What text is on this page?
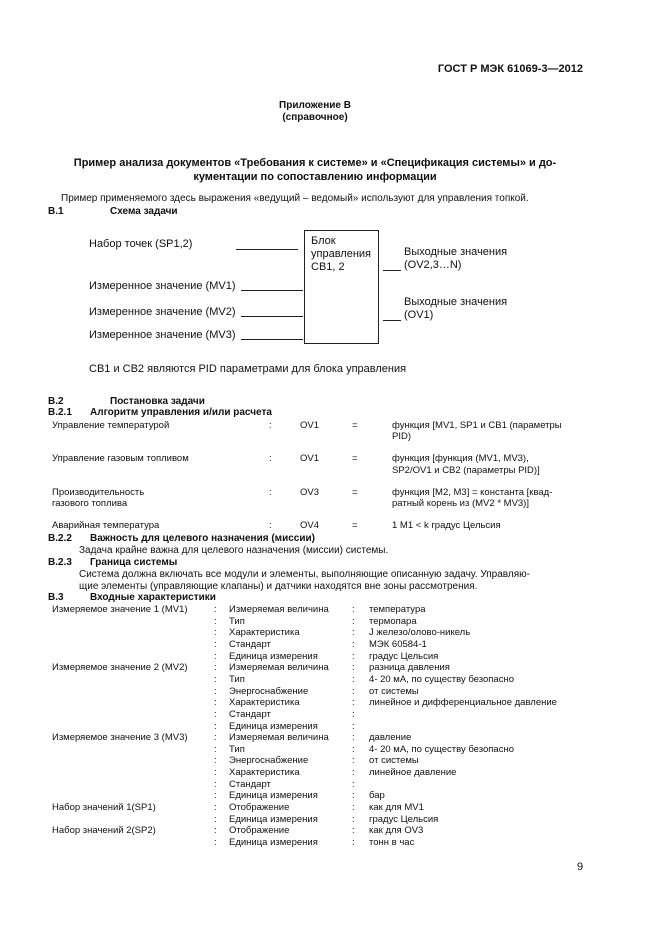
ГОСТ Р МЭК 61069-3—2012
Приложение В
(справочное)
Пример анализа документов «Требования к системе» и «Спецификация системы» и до-
кументации по сопоставлению информации
Пример применяемого здесь выражения «ведущий – ведомый» используют для управления топкой.
В.1	Схема задачи
Набор точек (SP1,2)
Измеренное значение (MV1)
Измеренное значение (MV2)
Измеренное значение (MV3)
Блок
управления
CB1, 2
Выходные значения
(OV2,3…N)
Выходные значения
(OV1)
CB1 и CB2 являются PID параметрами для блока управления
В.2	Постановка задачи
В.2.1 Алгоритм управления и/или расчета
Управление температурой	:	OV1	=	функция [MV1, SP1 и CB1 (параметры
PID)
Управление газовым топливом	:	OV1	=	функция [функция (MV1, MV3),
SP2/OV1 и CB2 (параметры PID)]
Производительность
газового топлива
:	OV3	=	функция [M2, M3] = константа [квад-
ратный корень из (MV2 * MV3)]
Аварийная температура	:	OV4	=	1 M1 < k градус Цельсия
В.2.2 Важность для целевого назначения (миссии)
Задача крайне важна для целевого назначения (миссии) системы.
В.2.3 Граница системы
Система должна включать все модули и элементы, выполняющие описанную задачу. Управляю-
щие элементы (управляющие клапаны) и датчики находятся вне зоны рассмотрения.
В.3	Входные характеристики
Измеряемое значение 1 (MV1)	: Измеряемая величина : температура
: Тип	: термопара
: Характеристика	: J железо/олово-никель
: Стандарт	: МЭК 60584-1
: Единица измерения	: градус Цельсия
Измеряемое значение 2 (MV2)	: Измеряемая величина : разница давления
: Тип	: 4- 20 мА, по существу безопасно
: Энергоснабжение	: от системы
: Характеристика	: линейное и дифференциальное давление
: Стандарт	:
: Единица измерения	:
Измеряемое значение 3 (MV3)	: Измеряемая величина : давление
: Тип	: 4- 20 мА, по существу безопасно
: Энергоснабжение	: от системы
: Характеристика	: линейное давление
: Стандарт	:
: Единица измерения	: бар
Набор значений 1(SP1)	: Отображение	: как для MV1
: Единица измерения	: градус Цельсия
Набор значений 2(SP2)	: Отображение	: как для OV3
: Единица измерения	: тонн в час
9
